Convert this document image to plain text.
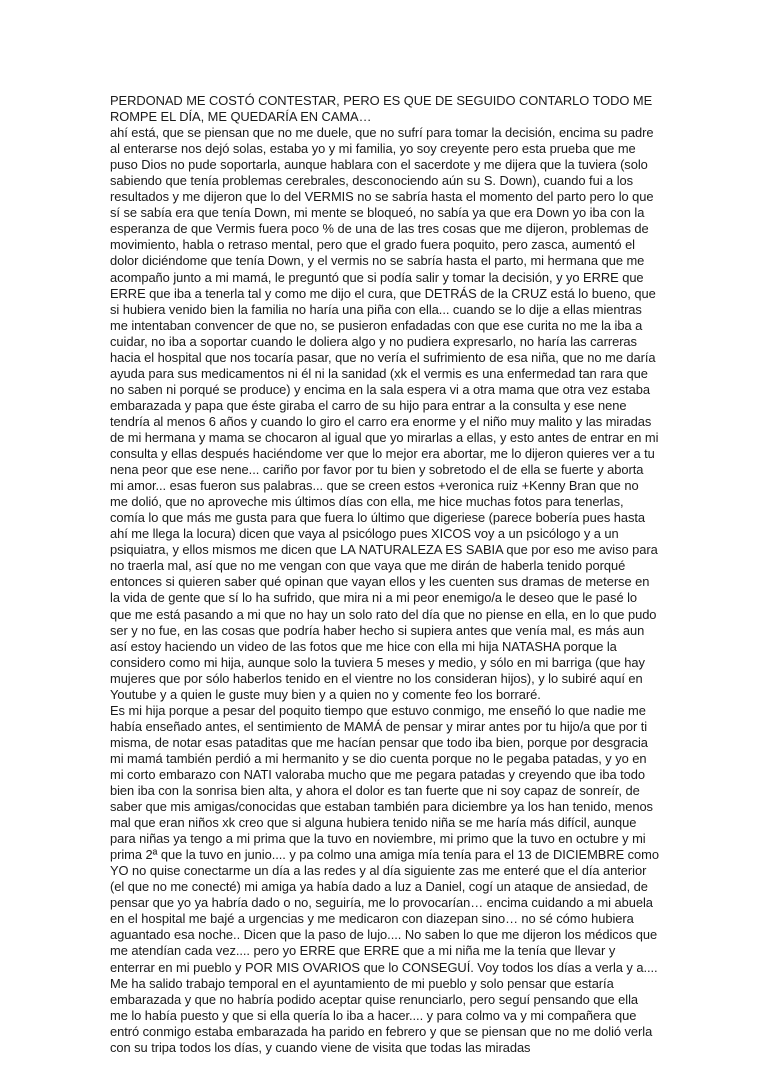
PERDONAD ME COSTÓ CONTESTAR, PERO ES QUE DE SEGUIDO CONTARLO TODO ME ROMPE EL DÍA, ME QUEDARÍA EN CAMA…

ahí está, que se piensan que no me duele, que no sufrí para tomar la decisión, encima su padre al enterarse nos dejó solas, estaba yo y mi familia, yo soy creyente pero esta prueba que me puso Dios no pude soportarla, aunque hablara con el sacerdote y me dijera que la tuviera (solo sabiendo que tenía problemas cerebrales, desconociendo aún su S. Down), cuando fui a los resultados y me dijeron que lo del VERMIS no se sabría hasta el momento del parto pero lo que sí se sabía era que tenía Down, mi mente se bloqueó, no sabía ya que era Down yo iba con la esperanza de que Vermis fuera poco % de una de las tres cosas que me dijeron, problemas de movimiento, habla o retraso mental, pero que el grado fuera poquito, pero zasca, aumentó el dolor diciéndome que tenía Down, y el vermis no se sabría hasta el parto, mi hermana que me acompaño junto a mi mamá, le preguntó que si podía salir y tomar la decisión, y yo ERRE que ERRE que iba a tenerla tal y como me dijo el cura, que DETRÁS de la CRUZ está lo bueno, que si hubiera venido bien la familia no haría una piña con ella... cuando se lo dije a ellas mientras me intentaban convencer de que no, se pusieron enfadadas con que ese curita no me la iba a cuidar, no iba a soportar cuando le doliera algo y no pudiera expresarlo, no haría las carreras hacia el hospital que nos tocaría pasar, que no vería el sufrimiento de esa niña, que no me daría ayuda para sus medicamentos ni él ni la sanidad (xk el vermis es una enfermedad tan rara que no saben ni porqué se produce) y encima en la sala espera vi a otra mama que otra vez estaba embarazada y papa que éste giraba el carro de su hijo para entrar a la consulta y ese nene tendría al menos 6 años y cuando lo giro el carro era enorme y el niño muy malito y las miradas de mi hermana y mama se chocaron al igual que yo mirarlas a ellas, y esto antes de entrar en mi consulta y ellas después haciéndome ver que lo mejor era abortar, me lo dijeron quieres ver a tu nena peor que ese nene... cariño por favor por tu bien y sobretodo el de ella se fuerte y aborta mi amor... esas fueron sus palabras... que se creen estos +veronica ruiz +Kenny Bran que no me dolió, que no aproveche mis últimos días con ella, me hice muchas fotos para tenerlas, comía lo que más me gusta para que fuera lo último que digeriese (parece bobería pues hasta ahí me llega la locura) dicen que vaya al psicólogo pues XICOS voy a un psicólogo y a un psiquiatra, y ellos mismos me dicen que LA NATURALEZA ES SABIA que por eso me aviso para no traerla mal, así que no me vengan con que vaya que me dirán de haberla tenido porqué entonces si quieren saber qué opinan que vayan ellos y les cuenten sus dramas de meterse en la vida de gente que sí lo ha sufrido, que mira ni a mi peor enemigo/a le deseo que le pasé lo que me está pasando a mi que no hay un solo rato del día que no piense en ella, en lo que pudo ser y no fue, en las cosas que podría haber hecho si supiera antes que venía mal, es más aun así estoy haciendo un video de las fotos que me hice con ella mi hija NATASHA porque la considero como mi hija, aunque solo la tuviera 5 meses y medio, y sólo en mi barriga (que hay mujeres que por sólo haberlos tenido en el vientre no los consideran hijos), y lo subiré aquí en Youtube y a quien le guste muy bien y a quien no y comente feo los borraré.

Es mi hija porque a pesar del poquito tiempo que estuvo conmigo, me enseñó lo que nadie me había enseñado antes, el sentimiento de MAMÁ de pensar y mirar antes por tu hijo/a que por ti misma, de notar esas pataditas que me hacían pensar que todo iba bien, porque por desgracia mi mamá también perdió a mi hermanito y se dio cuenta porque no le pegaba patadas, y yo en mi corto embarazo con NATI valoraba mucho que me pegara patadas y creyendo que iba todo bien iba con la sonrisa bien alta, y ahora el dolor es tan fuerte que ni soy capaz de sonreír, de saber que mis amigas/conocidas que estaban también para diciembre ya los han tenido, menos mal que eran niños xk creo que si alguna hubiera tenido niña se me haría más difícil, aunque para niñas ya tengo a mi prima que la tuvo en noviembre, mi primo que la tuvo en octubre y mi prima 2ª que la tuvo en junio.... y pa colmo una amiga mía tenía para el 13 de DICIEMBRE como YO no quise conectarme un día a las redes y al día siguiente zas me enteré que el día anterior (el que no me conecté) mi amiga ya había dado a luz a Daniel, cogí un ataque de ansiedad, de pensar que yo ya habría dado o no, seguiría, me lo provocarían… encima cuidando a mi abuela en el hospital me bajé a urgencias y me medicaron con diazepan sino… no sé cómo hubiera aguantado esa noche.. Dicen que la paso de lujo.... No saben lo que me dijeron los médicos que me atendían cada vez.... pero yo ERRE que ERRE que a mi niña me la tenía que llevar y enterrar en mi pueblo y POR MIS OVARIOS que lo CONSEGUÍ. Voy todos los días a verla y a.... Me ha salido trabajo temporal en el ayuntamiento de mi pueblo y solo pensar que estaría embarazada y que no habría podido aceptar quise renunciarlo, pero seguí pensando que ella me lo había puesto y que si ella quería lo iba a hacer.... y para colmo va y mi compañera que entró conmigo estaba embarazada ha parido en febrero y que se piensan que no me dolió verla con su tripa todos los días, y cuando viene de visita que todas las miradas
